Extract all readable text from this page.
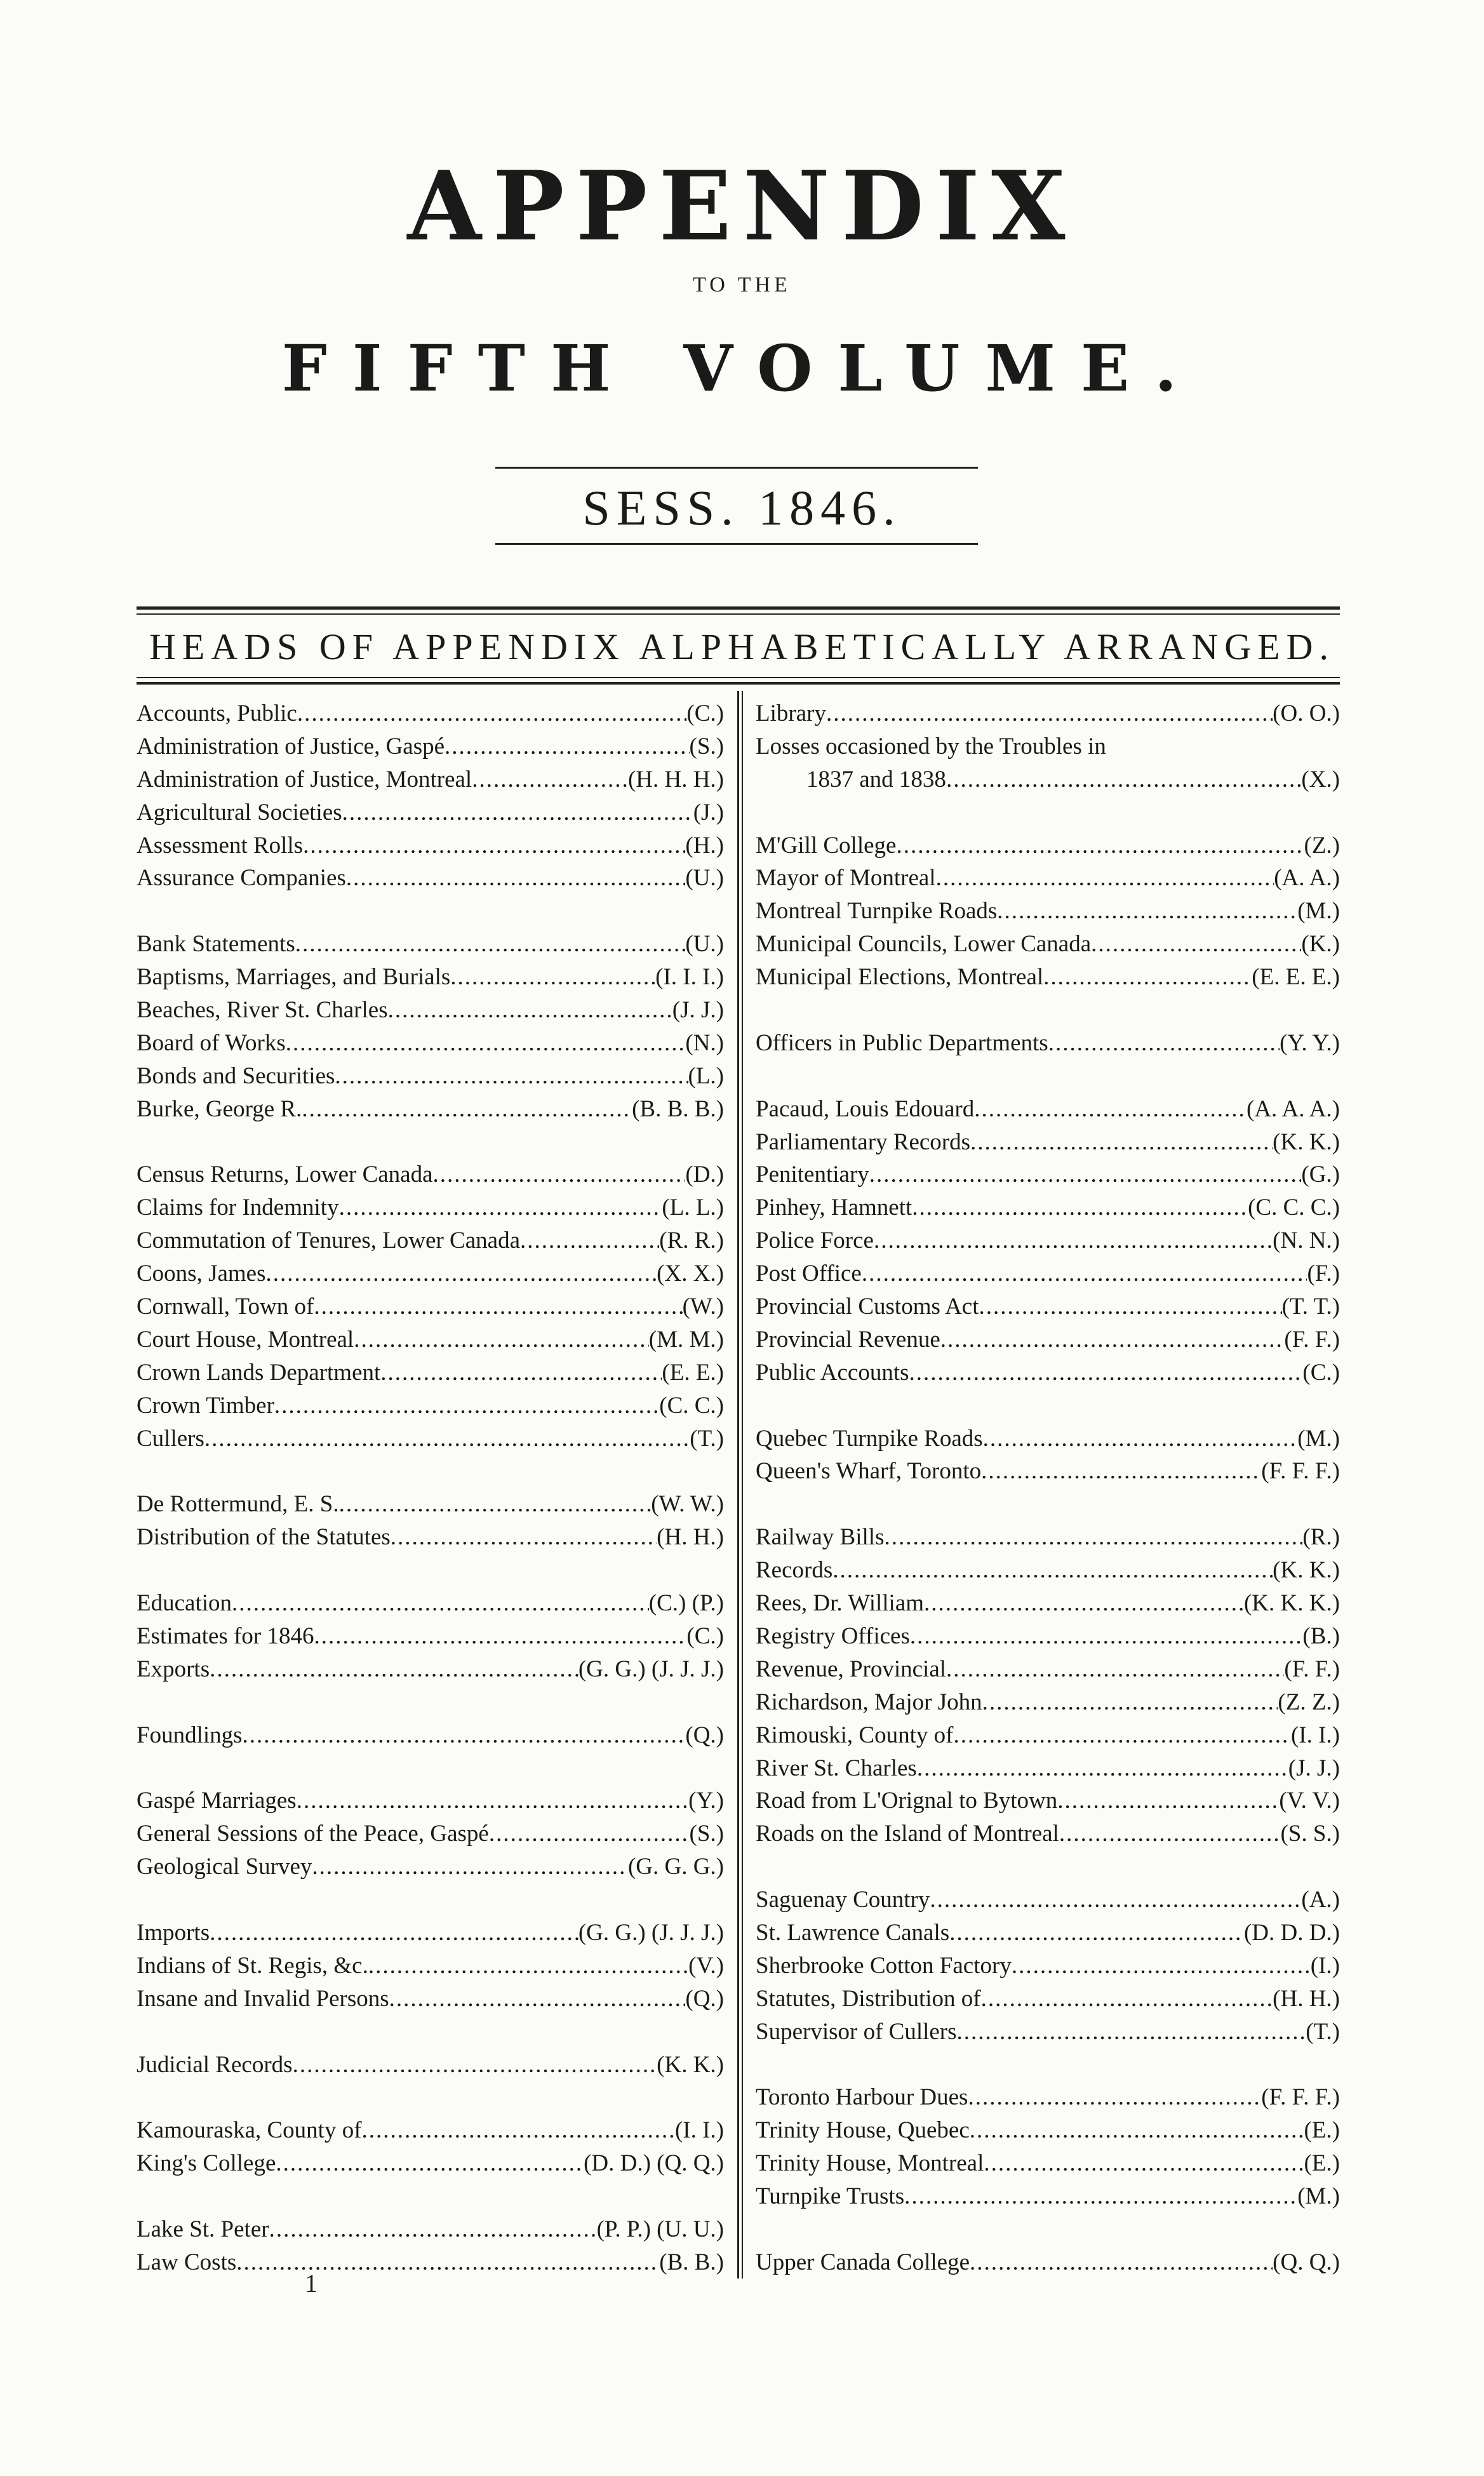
APPENDIX
TO THE
FIFTH VOLUME.
SESS. 1846.
HEADS OF APPENDIX ALPHABETICALLY ARRANGED.
Accounts, Public .....	(C.)
Administration of Justice, Gaspé .....	(S.)
Administration of Justice, Montreal .....	(H. H. H.)
Agricultural Societies .....	(J.)
Assessment Rolls .....	(H.)
Assurance Companies .....	(U.)
Bank Statements .....	(U.)
Baptisms, Marriages, and Burials .....	(I. I. I.)
Beaches, River St. Charles .....	(J. J.)
Board of Works .....	(N.)
Bonds and Securities .....	(L.)
Burke, George R. .....	(B. B. B.)
Census Returns, Lower Canada .....	(D.)
Claims for Indemnity .....	(L. L.)
Commutation of Tenures, Lower Canada .....	(R. R.)
Coons, James .....	(X. X.)
Cornwall, Town of .....	(W.)
Court House, Montreal .....	(M. M.)
Crown Lands Department .....	(E. E.)
Crown Timber .....	(C. C.)
Cullers .....	(T.)
De Rottermund, E. S. .....	(W. W.)
Distribution of the Statutes .....	(H. H.)
Education .....	(C.) (P.)
Estimates for 1846 .....	(C.)
Exports .....	(G. G.) (J. J. J.)
Foundlings .....	(Q.)
Gaspé Marriages .....	(Y.)
General Sessions of the Peace, Gaspé .....	(S.)
Geological Survey .....	(G. G. G.)
Imports .....	(G. G.) (J. J. J.)
Indians of St. Regis, &c. .....	(V.)
Insane and Invalid Persons .....	(Q.)
Judicial Records .....	(K. K.)
Kamouraska, County of .....	(I. I.)
King's College .....	(D. D.) (Q. Q.)
Lake St. Peter .....	(P. P.) (U. U.)
Law Costs .....	(B. B.)
Library .....	(O. O.)
Losses occasioned by the Troubles in
1837 and 1838 .....	(X.)
M'Gill College .....	(Z.)
Mayor of Montreal .....	(A. A.)
Montreal Turnpike Roads .....	(M.)
Municipal Councils, Lower Canada .....	(K.)
Municipal Elections, Montreal .....	(E. E. E.)
Officers in Public Departments .....	(Y. Y.)
Pacaud, Louis Edouard .....	(A. A. A.)
Parliamentary Records .....	(K. K.)
Penitentiary .....	(G.)
Pinhey, Hamnett .....	(C. C. C.)
Police Force .....	(N. N.)
Post Office .....	(F.)
Provincial Customs Act .....	(T. T.)
Provincial Revenue .....	(F. F.)
Public Accounts .....	(C.)
Quebec Turnpike Roads .....	(M.)
Queen's Wharf, Toronto .....	(F. F. F.)
Railway Bills .....	(R.)
Records .....	(K. K.)
Rees, Dr. William .....	(K. K. K.)
Registry Offices .....	(B.)
Revenue, Provincial .....	(F. F.)
Richardson, Major John .....	(Z. Z.)
Rimouski, County of .....	(I. I.)
River St. Charles .....	(J. J.)
Road from L'Orignal to Bytown .....	(V. V.)
Roads on the Island of Montreal .....	(S. S.)
Saguenay Country .....	(A.)
St. Lawrence Canals .....	(D. D. D.)
Sherbrooke Cotton Factory .....	(I.)
Statutes, Distribution of .....	(H. H.)
Supervisor of Cullers .....	(T.)
Toronto Harbour Dues .....	(F. F. F.)
Trinity House, Quebec .....	(E.)
Trinity House, Montreal .....	(E.)
Turnpike Trusts .....	(M.)
Upper Canada College .....	(Q. Q.)
1
